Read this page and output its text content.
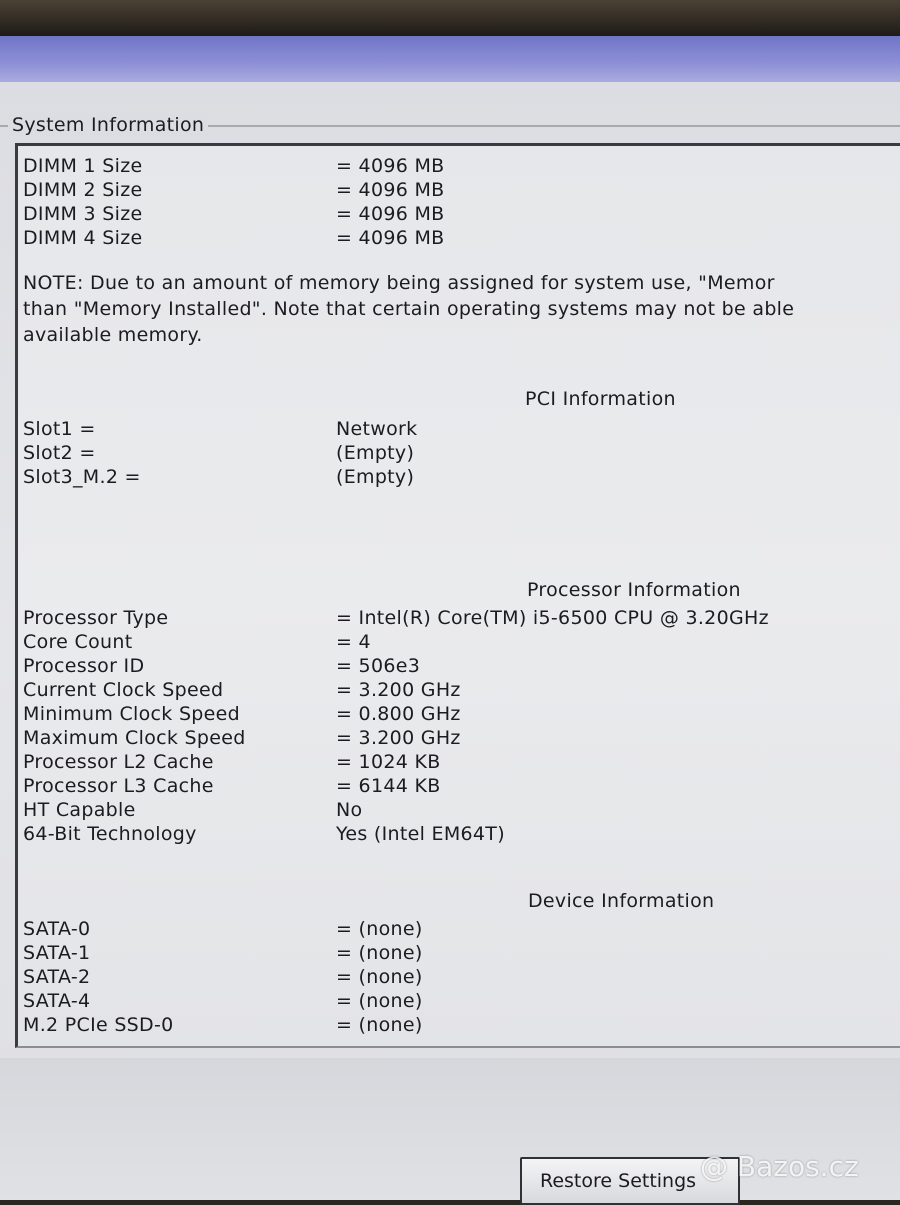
System Information
DIMM 1 Size	= 4096 MB
DIMM 2 Size	= 4096 MB
DIMM 3 Size	= 4096 MB
DIMM 4 Size	= 4096 MB
NOTE: Due to an amount of memory being assigned for system use, "Memor
than "Memory Installed". Note that certain operating systems may not be able
available memory.
PCI Information
Slot1 =	Network
Slot2 =	(Empty)
Slot3_M.2 =	(Empty)
Processor Information
Processor Type	= Intel(R) Core(TM) i5-6500 CPU @ 3.20GHz
Core Count	= 4
Processor ID	= 506e3
Current Clock Speed	= 3.200 GHz
Minimum Clock Speed	= 0.800 GHz
Maximum Clock Speed	= 3.200 GHz
Processor L2 Cache	= 1024 KB
Processor L3 Cache	= 6144 KB
HT Capable	No
64-Bit Technology	Yes (Intel EM64T)
Device Information
SATA-0	= (none)
SATA-1	= (none)
SATA-2	= (none)
SATA-4	= (none)
M.2 PCIe SSD-0	= (none)
Restore Settings @ Bazos.cz
